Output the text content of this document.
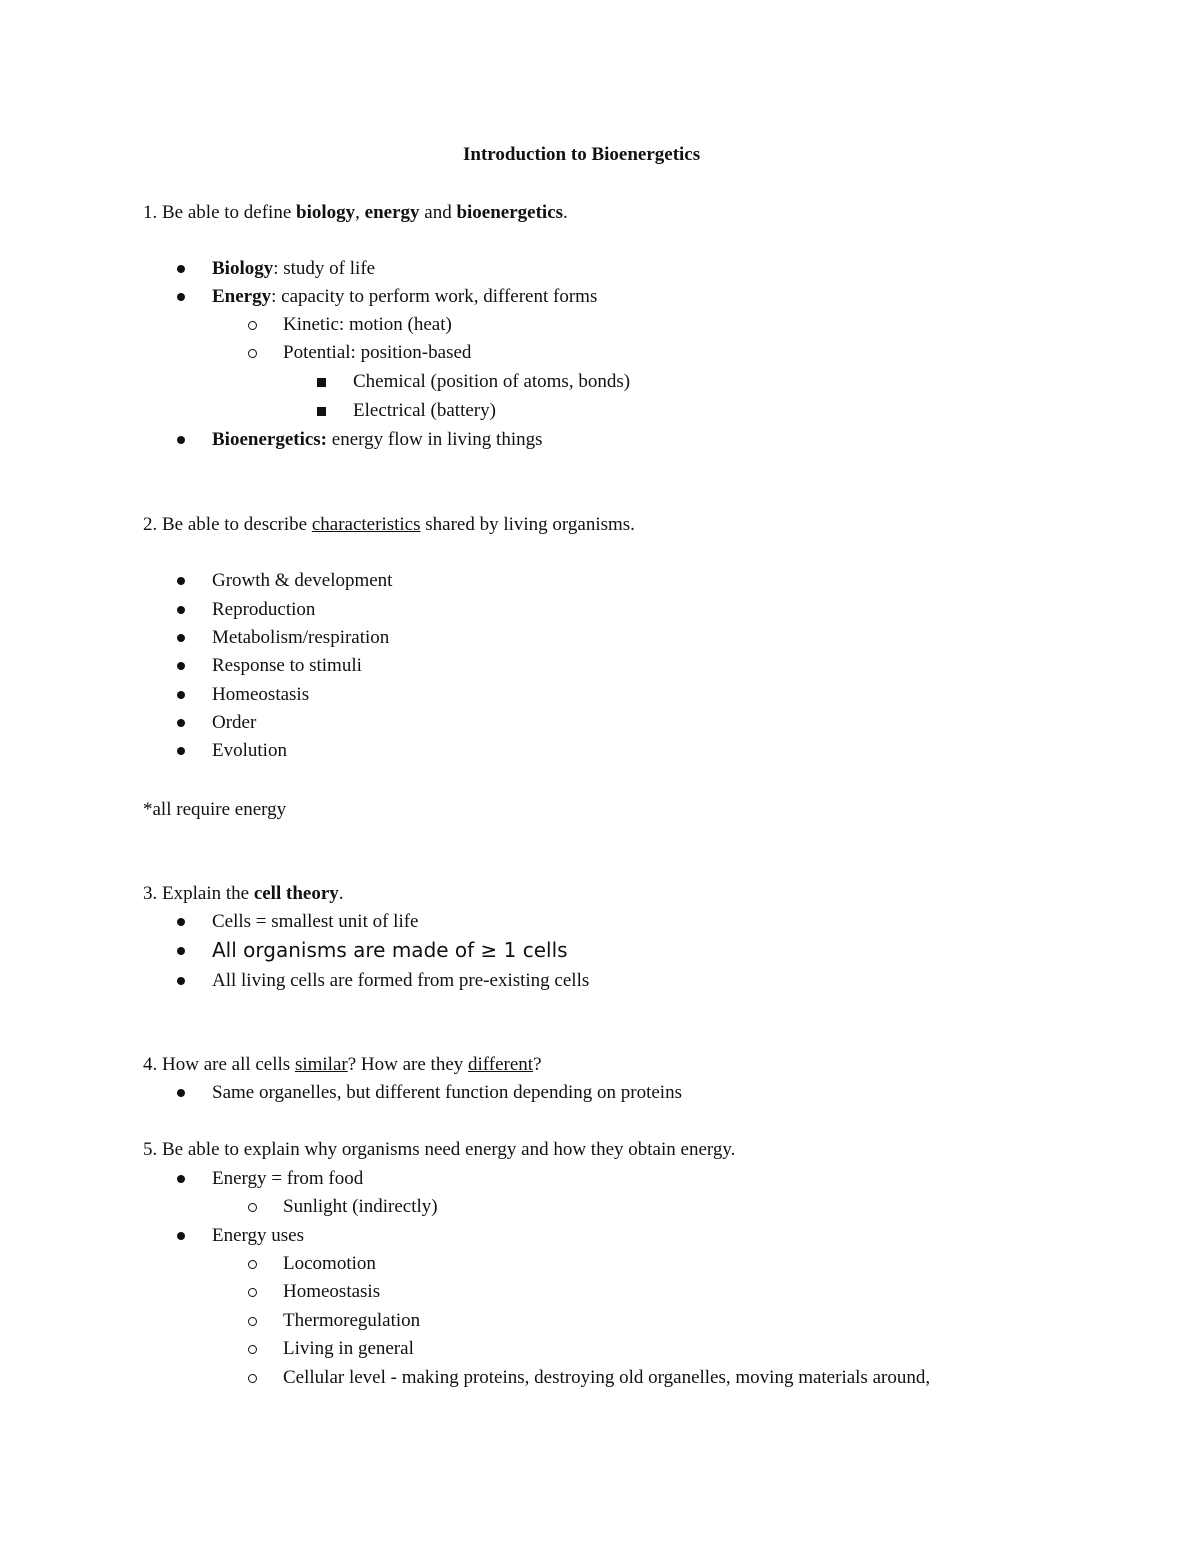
Introduction to Bioenergetics
1. Be able to define biology, energy and bioenergetics.
Biology: study of life
Energy: capacity to perform work, different forms
Kinetic: motion (heat)
Potential: position-based
Chemical (position of atoms, bonds)
Electrical (battery)
Bioenergetics: energy flow in living things
2. Be able to describe characteristics shared by living organisms.
Growth & development
Reproduction
Metabolism/respiration
Response to stimuli
Homeostasis
Order
Evolution
*all require energy
3. Explain the cell theory.
Cells = smallest unit of life
All organisms are made of ≥ 1 cells
All living cells are formed from pre-existing cells
4. How are all cells similar? How are they different?
Same organelles, but different function depending on proteins
5. Be able to explain why organisms need energy and how they obtain energy.
Energy = from food
Sunlight (indirectly)
Energy uses
Locomotion
Homeostasis
Thermoregulation
Living in general
Cellular level - making proteins, destroying old organelles, moving materials around,
